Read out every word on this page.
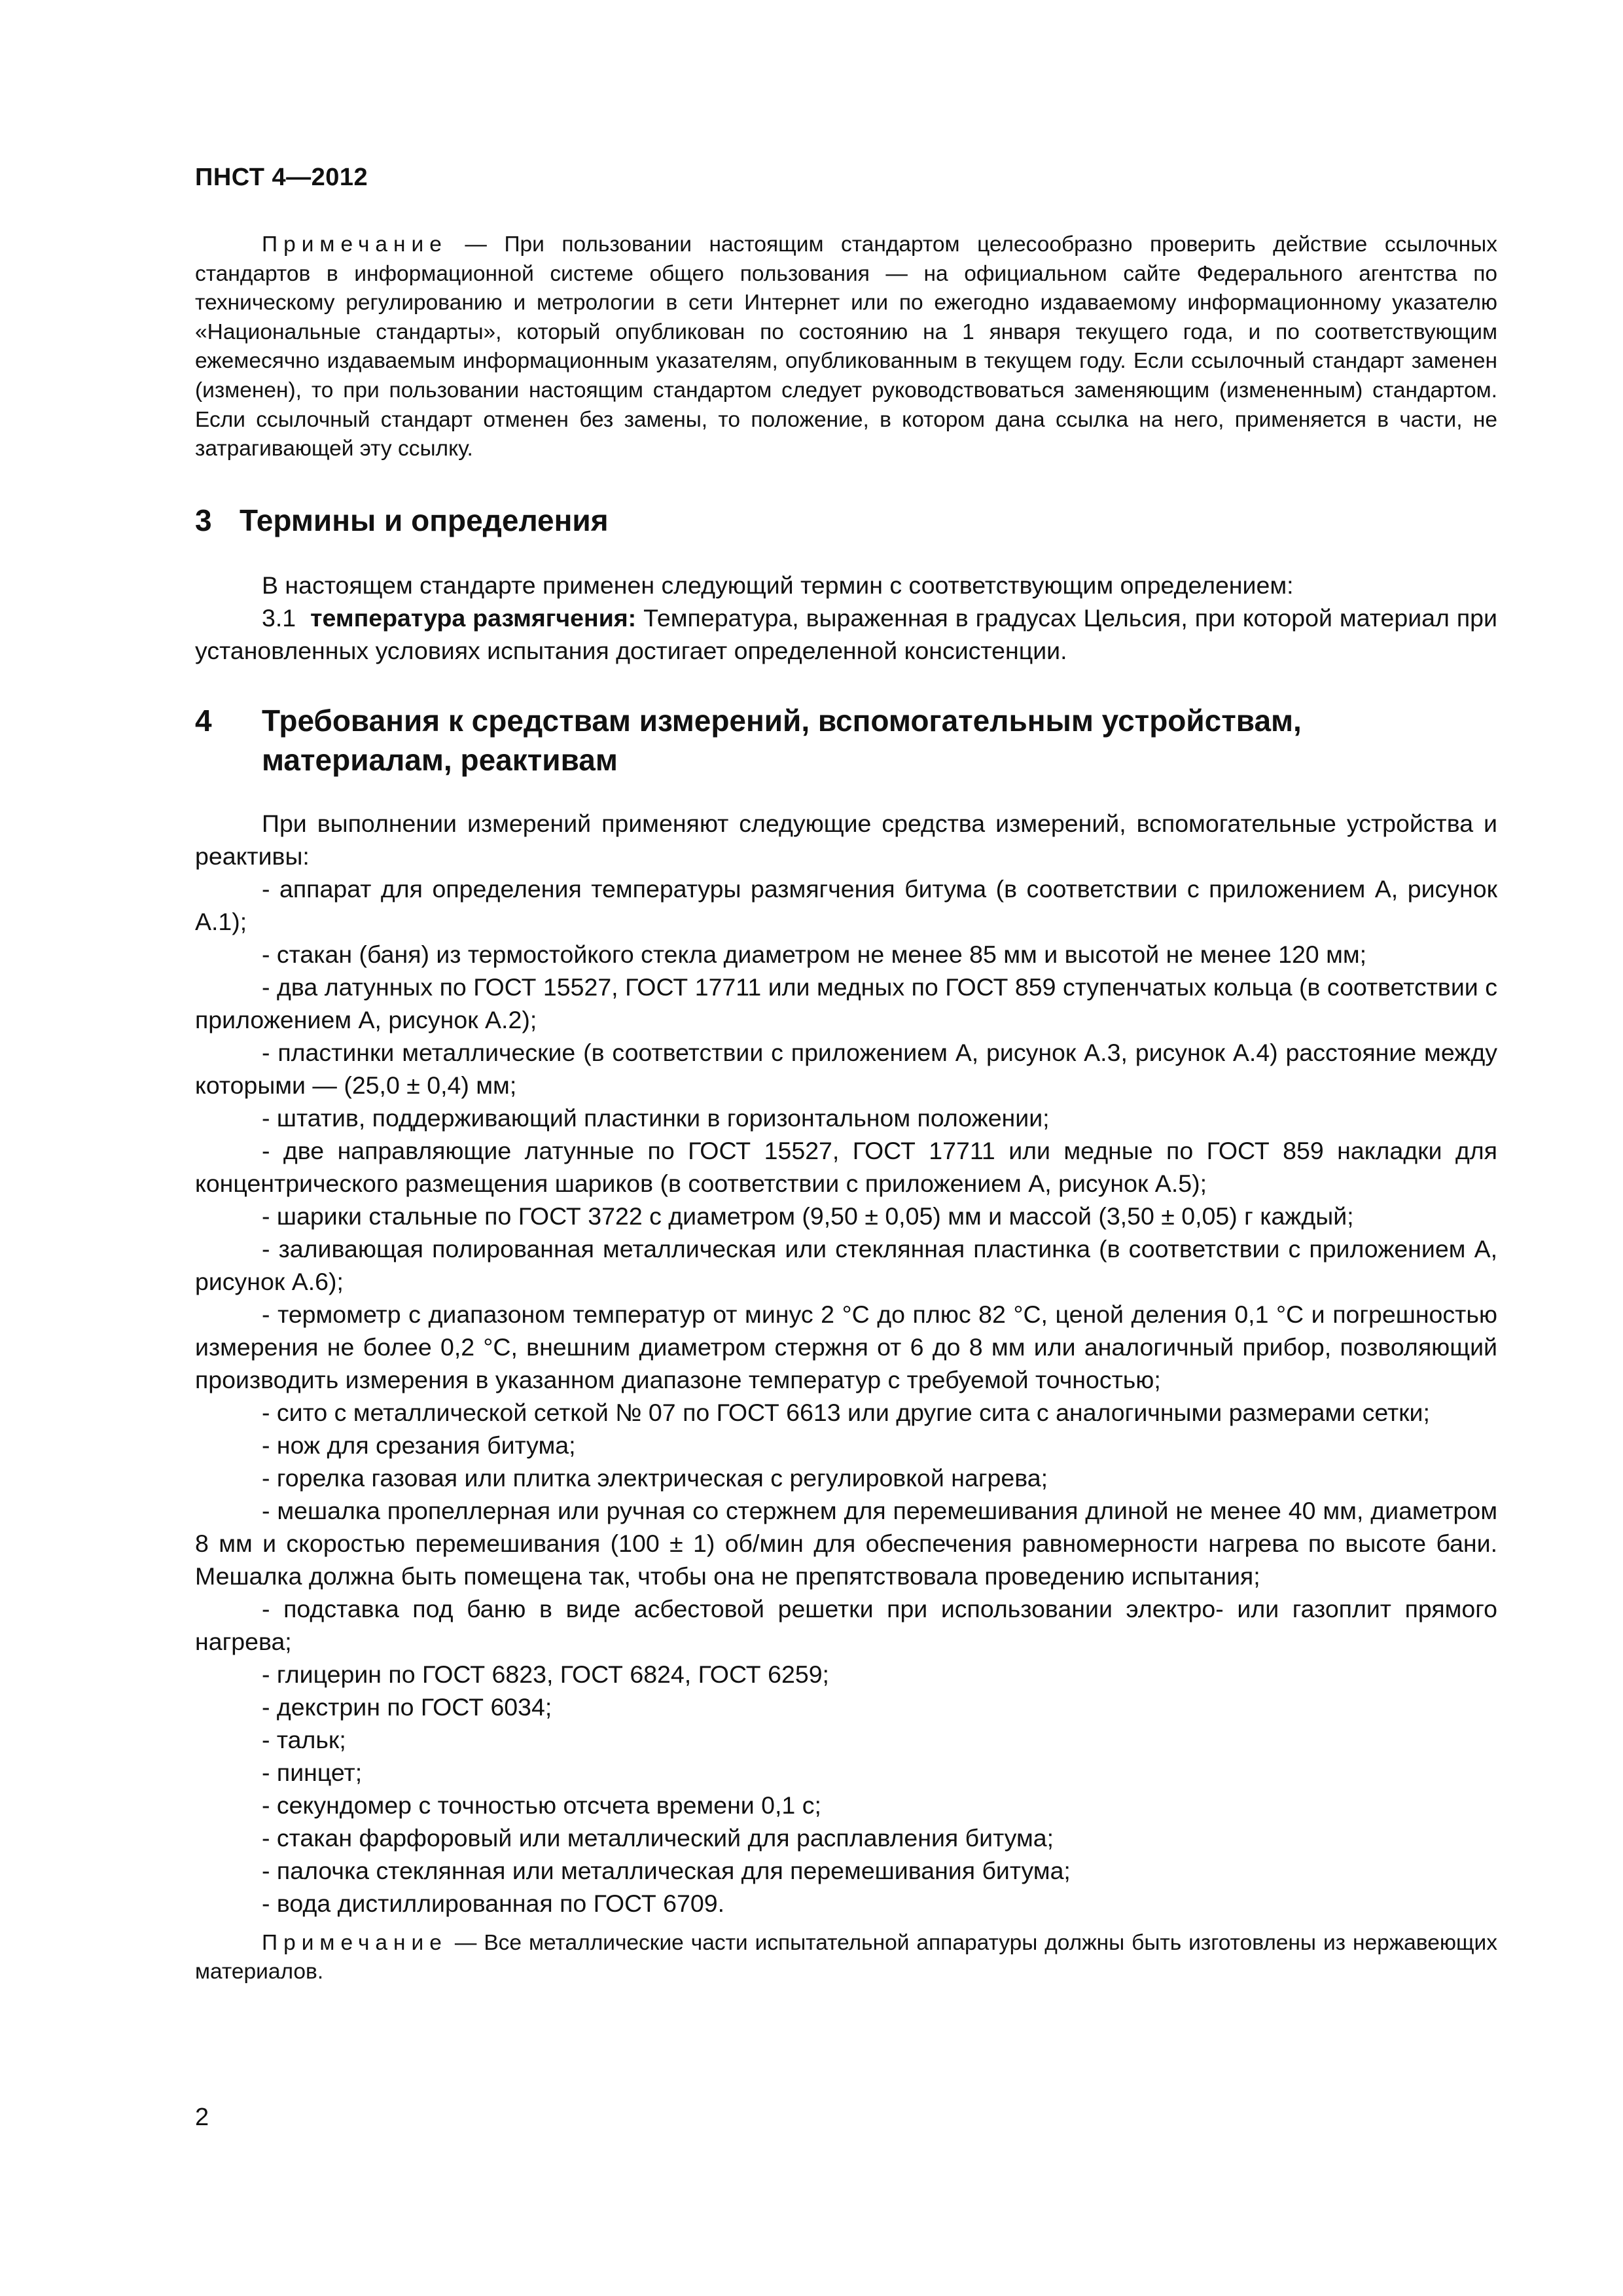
ПНСТ 4—2012

Примечание — При пользовании настоящим стандартом целесообразно проверить действие ссылочных стандартов в информационной системе общего пользования — на официальном сайте Федерального агентства по техническому регулированию и метрологии в сети Интернет или по ежегодно издаваемому информационному указателю «Национальные стандарты», который опубликован по состоянию на 1 января текущего года, и по соответствующим ежемесячно издаваемым информационным указателям, опубликованным в текущем году. Если ссылочный стандарт заменен (изменен), то при пользовании настоящим стандартом следует руководствоваться заменяющим (измененным) стандартом. Если ссылочный стандарт отменен без замены, то положение, в котором дана ссылка на него, применяется в части, не затрагивающей эту ссылку.

3 Термины и определения

В настоящем стандарте применен следующий термин с соответствующим определением:

3.1 температура размягчения: Температура, выраженная в градусах Цельсия, при которой материал при установленных условиях испытания достигает определенной консистенции.

4 Требования к средствам измерений, вспомогательным устройствам, материалам, реактивам

При выполнении измерений применяют следующие средства измерений, вспомогательные устройства и реактивы:

- аппарат для определения температуры размягчения битума (в соответствии с приложением А, рисунок А.1);
- стакан (баня) из термостойкого стекла диаметром не менее 85 мм и высотой не менее 120 мм;
- два латунных по ГОСТ 15527, ГОСТ 17711 или медных по ГОСТ 859 ступенчатых кольца (в соответствии с приложением А, рисунок А.2);
- пластинки металлические (в соответствии с приложением А, рисунок А.3, рисунок А.4) расстояние между которыми — (25,0 ± 0,4) мм;
- штатив, поддерживающий пластинки в горизонтальном положении;
- две направляющие латунные по ГОСТ 15527, ГОСТ 17711 или медные по ГОСТ 859 накладки для концентрического размещения шариков (в соответствии с приложением А, рисунок А.5);
- шарики стальные по ГОСТ 3722 с диаметром (9,50 ± 0,05) мм и массой (3,50 ± 0,05) г каждый;
- заливающая полированная металлическая или стеклянная пластинка (в соответствии с приложением А, рисунок А.6);
- термометр с диапазоном температур от минус 2 °С до плюс 82 °С, ценой деления 0,1 °С и погрешностью измерения не более 0,2 °С, внешним диаметром стержня от 6 до 8 мм или аналогичный прибор, позволяющий производить измерения в указанном диапазоне температур с требуемой точностью;
- сито с металлической сеткой № 07 по ГОСТ 6613 или другие сита с аналогичными размерами сетки;
- нож для срезания битума;
- горелка газовая или плитка электрическая с регулировкой нагрева;
- мешалка пропеллерная или ручная со стержнем для перемешивания длиной не менее 40 мм, диаметром 8 мм и скоростью перемешивания (100 ± 1) об/мин для обеспечения равномерности нагрева по высоте бани. Мешалка должна быть помещена так, чтобы она не препятствовала проведению испытания;
- подставка под баню в виде асбестовой решетки при использовании электро- или газоплит прямого нагрева;
- глицерин по ГОСТ 6823, ГОСТ 6824, ГОСТ 6259;
- декстрин по ГОСТ 6034;
- тальк;
- пинцет;
- секундомер с точностью отсчета времени 0,1 с;
- стакан фарфоровый или металлический для расплавления битума;
- палочка стеклянная или металлическая для перемешивания битума;
- вода дистиллированная по ГОСТ 6709.

Примечание — Все металлические части испытательной аппаратуры должны быть изготовлены из нержавеющих материалов.

2
